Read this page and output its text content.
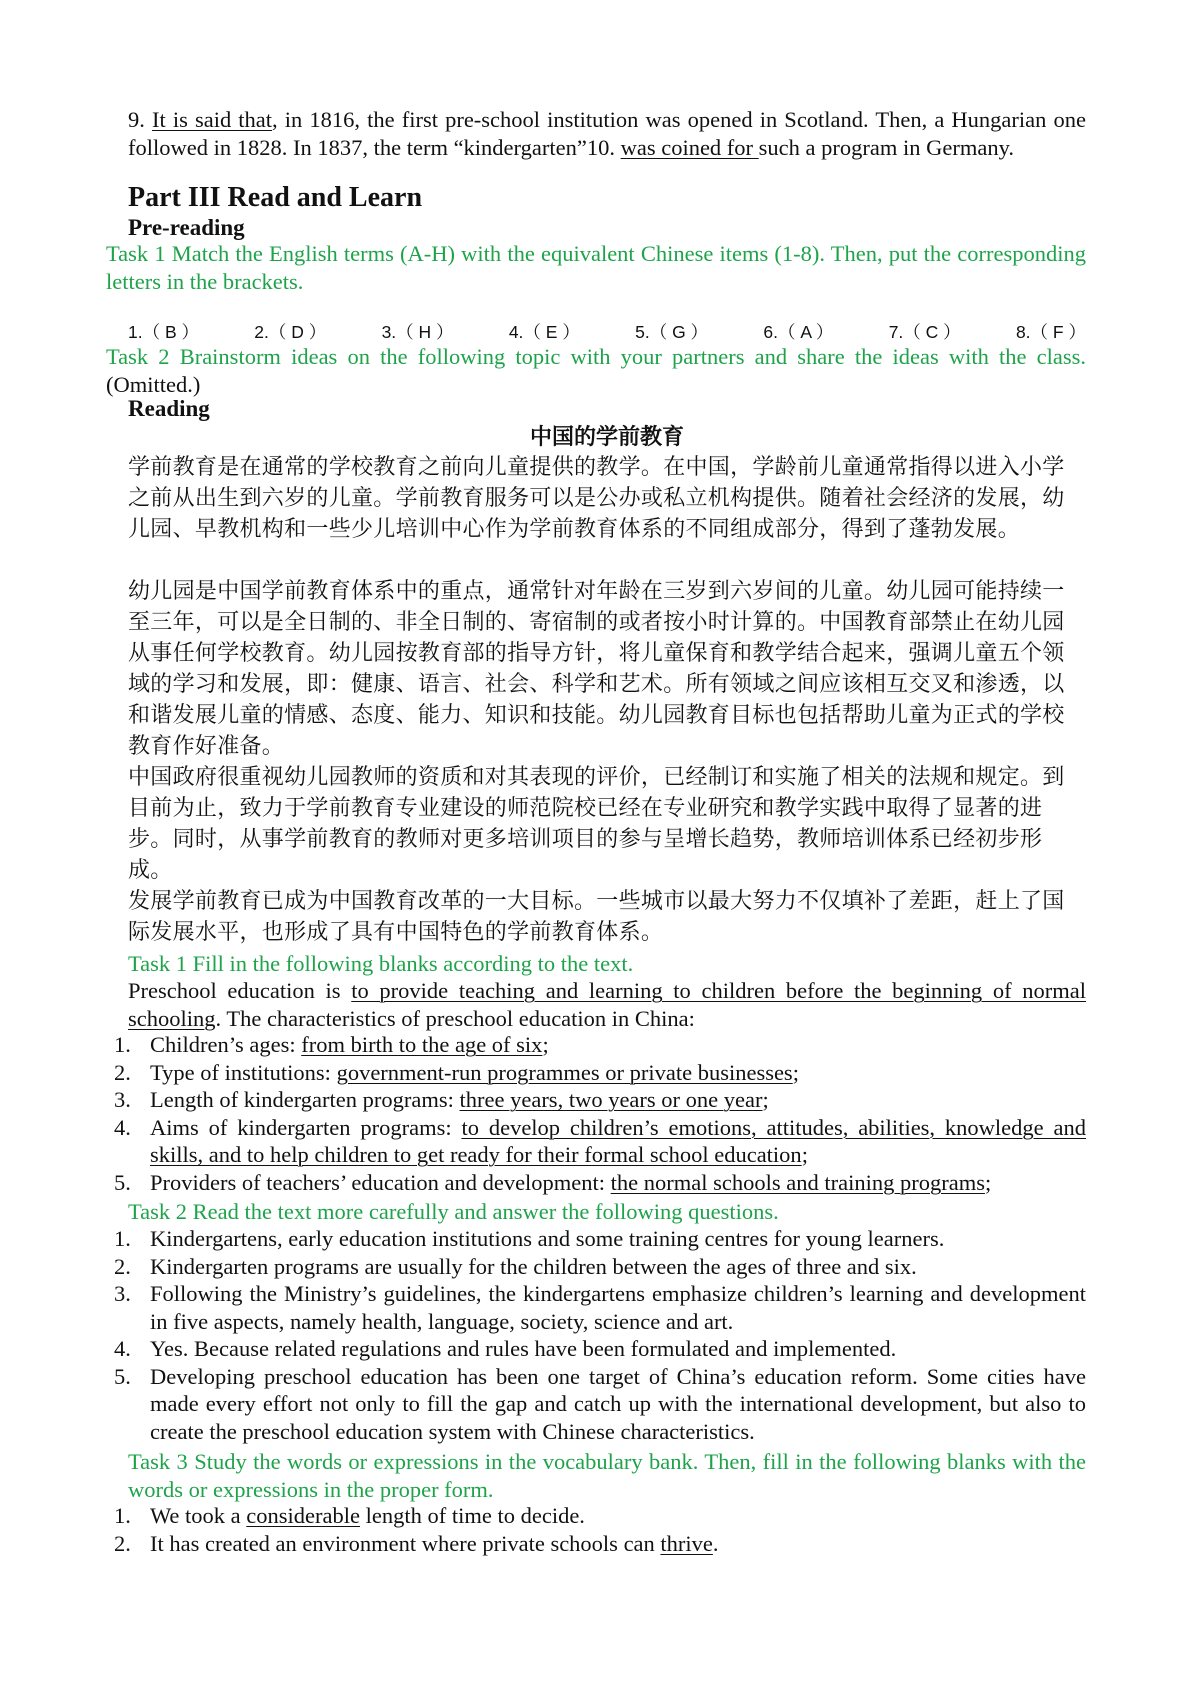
9. It is said that, in 1816, the first pre-school institution was opened in Scotland. Then, a Hungarian one followed in 1828. In 1837, the term “kindergarten”10. was coined for such a program in Germany.
Part III Read and Learn
Pre-reading
Task 1 Match the English terms (A-H) with the equivalent Chinese items (1-8). Then, put the corresponding letters in the brackets.
1.（ B ）	2.（ D ）	3.（ H ）	4.（ E ）	5.（ G ）	6.（ A ）	7.（ C ）	8.（ F ）
Task 2 Brainstorm ideas on the following topic with your partners and share the ideas with the class. (Omitted.)
Reading
中国的学前教育
学前教育是在通常的学校教育之前向儿童提供的教学。在中国，学龄前儿童通常指得以进入小学之前从出生到六岁的儿童。学前教育服务可以是公办或私立机构提供。随着社会经济的发展，幼儿园、早教机构和一些少儿培训中心作为学前教育体系的不同组成部分，得到了蓬勃发展。
幼儿园是中国学前教育体系中的重点，通常针对年龄在三岁到六岁间的儿童。幼儿园可能持续一至三年，可以是全日制的、非全日制的、寄宿制的或者按小时计算的。中国教育部禁止在幼儿园从事任何学校教育。幼儿园按教育部的指导方针，将儿童保育和教学结合起来，强调儿童五个领域的学习和发展，即：健康、语言、社会、科学和艺术。所有领域之间应该相互交叉和渗透，以和谐发展儿童的情感、态度、能力、知识和技能。幼儿园教育目标也包括帮助儿童为正式的学校教育作好准备。
中国政府很重视幼儿园教师的资质和对其表现的评价，已经制订和实施了相关的法规和规定。到目前为止，致力于学前教育专业建设的师范院校已经在专业研究和教学实践中取得了显著的进步。同时，从事学前教育的教师对更多培训项目的参与呈增长趋势，教师培训体系已经初步形成。
发展学前教育已成为中国教育改革的一大目标。一些城市以最大努力不仅填补了差距，赶上了国际发展水平，也形成了具有中国特色的学前教育体系。
Task 1 Fill in the following blanks according to the text.
Preschool education is to provide teaching and learning to children before the beginning of normal schooling. The characteristics of preschool education in China:
1. Children’s ages: from birth to the age of six;
2. Type of institutions: government-run programmes or private businesses;
3. Length of kindergarten programs: three years, two years or one year;
4. Aims of kindergarten programs: to develop children’s emotions, attitudes, abilities, knowledge and skills, and to help children to get ready for their formal school education;
5. Providers of teachers’ education and development: the normal schools and training programs;
Task 2 Read the text more carefully and answer the following questions.
1. Kindergartens, early education institutions and some training centres for young learners.
2. Kindergarten programs are usually for the children between the ages of three and six.
3. Following the Ministry’s guidelines, the kindergartens emphasize children’s learning and development in five aspects, namely health, language, society, science and art.
4. Yes. Because related regulations and rules have been formulated and implemented.
5. Developing preschool education has been one target of China’s education reform. Some cities have made every effort not only to fill the gap and catch up with the international development, but also to create the preschool education system with Chinese characteristics.
Task 3 Study the words or expressions in the vocabulary bank. Then, fill in the following blanks with the words or expressions in the proper form.
1. We took a considerable length of time to decide.
2. It has created an environment where private schools can thrive.
